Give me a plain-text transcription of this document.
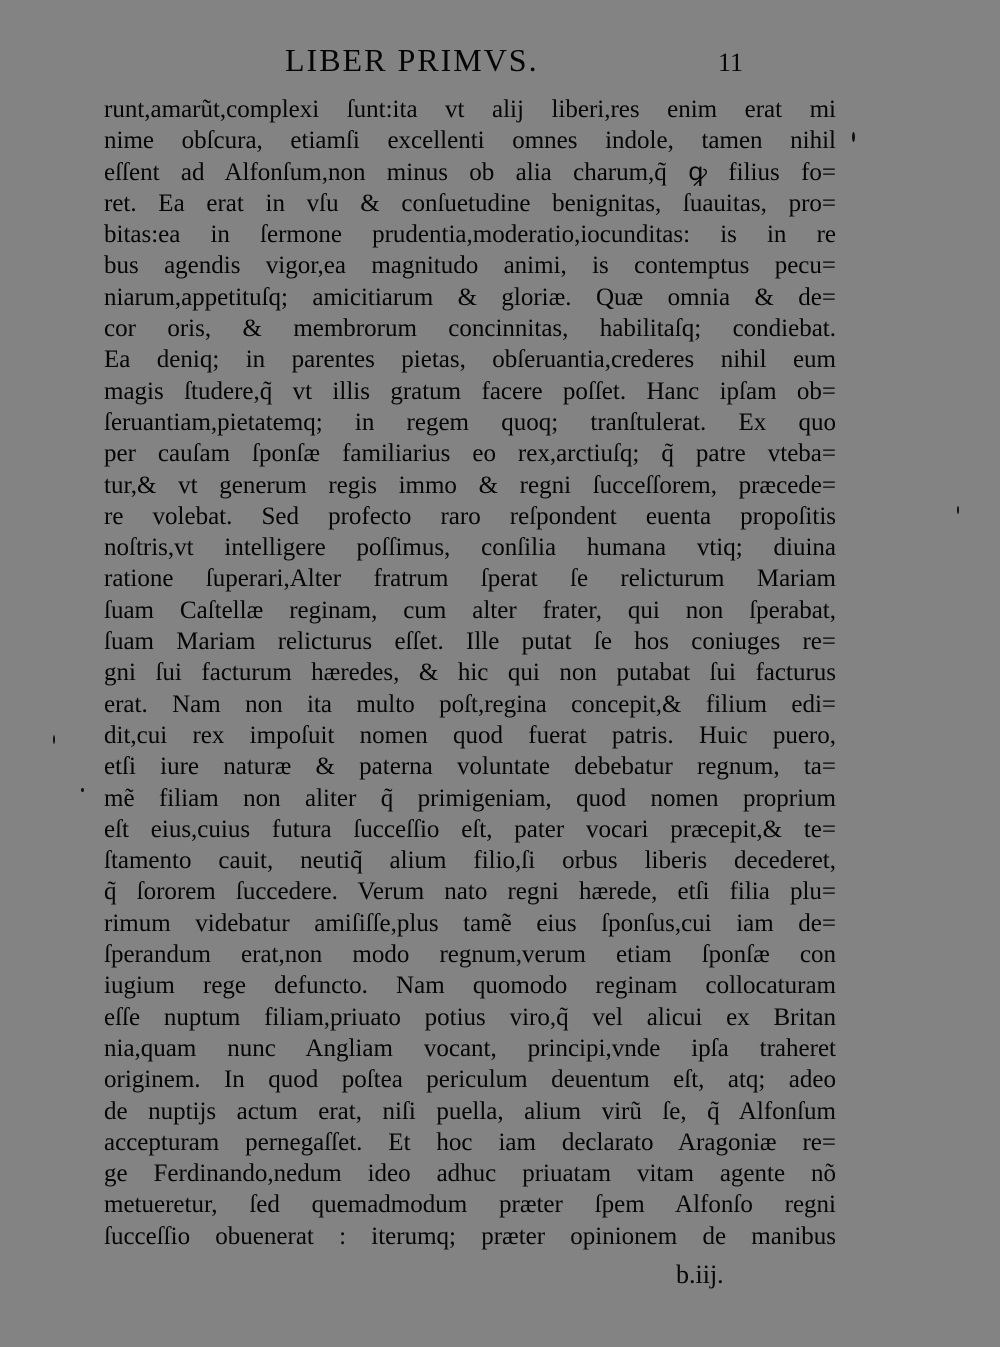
LIBER PRIMVS.	11
runt,amarũt,complexi ſunt:ita vt alij liberi,res enim erat mi
nime obſcura, etiamſi excellenti omnes indole, tamen nihil
eſſent ad Alfonſum,non minus ob alia charum,q̃ ꝙ filius fo=
ret. Ea erat in vſu & conſuetudine benignitas, ſuauitas, pro=
bitas:ea in ſermone prudentia,moderatio,iocunditas: is in re
bus agendis vigor,ea magnitudo animi, is contemptus pecu=
niarum,appetituſq; amicitiarum & gloriæ. Quæ omnia & de=
cor oris, & membrorum concinnitas, habilitaſq; condiebat.
Ea deniq; in parentes pietas, obſeruantia,crederes nihil eum
magis ſtudere,q̃ vt illis gratum facere poſſet. Hanc ipſam ob=
ſeruantiam,pietatemq; in regem quoq; tranſtulerat. Ex quo
per cauſam ſponſæ familiarius eo rex,arctiuſq; q̃ patre vteba=
tur,& vt generum regis immo & regni ſucceſſorem, præcede=
re volebat. Sed profecto raro reſpondent euenta propoſitis
noſtris,vt intelligere poſſimus, conſilia humana vtiq; diuina
ratione ſuperari,Alter fratrum ſperat ſe relicturum Mariam
ſuam Caſtellæ reginam, cum alter frater, qui non ſperabat,
ſuam Mariam relicturus eſſet. Ille putat ſe hos coniuges re=
gni ſui facturum hæredes, & hic qui non putabat ſui facturus
erat. Nam non ita multo poſt,regina concepit,& filium edi=
dit,cui rex impoſuit nomen quod fuerat patris. Huic puero,
etſi iure naturæ & paterna voluntate debebatur regnum, ta=
mẽ filiam non aliter q̃ primigeniam, quod nomen proprium
eſt eius,cuius futura ſucceſſio eſt, pater vocari præcepit,& te=
ſtamento cauit, neutiq̃ alium filio,ſi orbus liberis decederet,
q̃ ſororem ſuccedere. Verum nato regni hærede, etſi filia plu=
rimum videbatur amiſiſſe,plus tamẽ eius ſponſus,cui iam de=
ſperandum erat,non modo regnum,verum etiam ſponſæ con
iugium rege defuncto. Nam quomodo reginam collocaturam
eſſe nuptum filiam,priuato potius viro,q̃ vel alicui ex Britan
nia,quam nunc Angliam vocant, principi,vnde ipſa traheret
originem. In quod poſtea periculum deuentum eſt, atq; adeo
de nuptijs actum erat, niſi puella, alium virũ ſe, q̃ Alfonſum
accepturam pernegaſſet. Et hoc iam declarato Aragoniæ re=
ge Ferdinando,nedum ideo adhuc priuatam vitam agente nõ
metueretur, ſed quemadmodum præter ſpem Alfonſo regni
ſucceſſio obuenerat : iterumq; præter opinionem de manibus
b.iij.
